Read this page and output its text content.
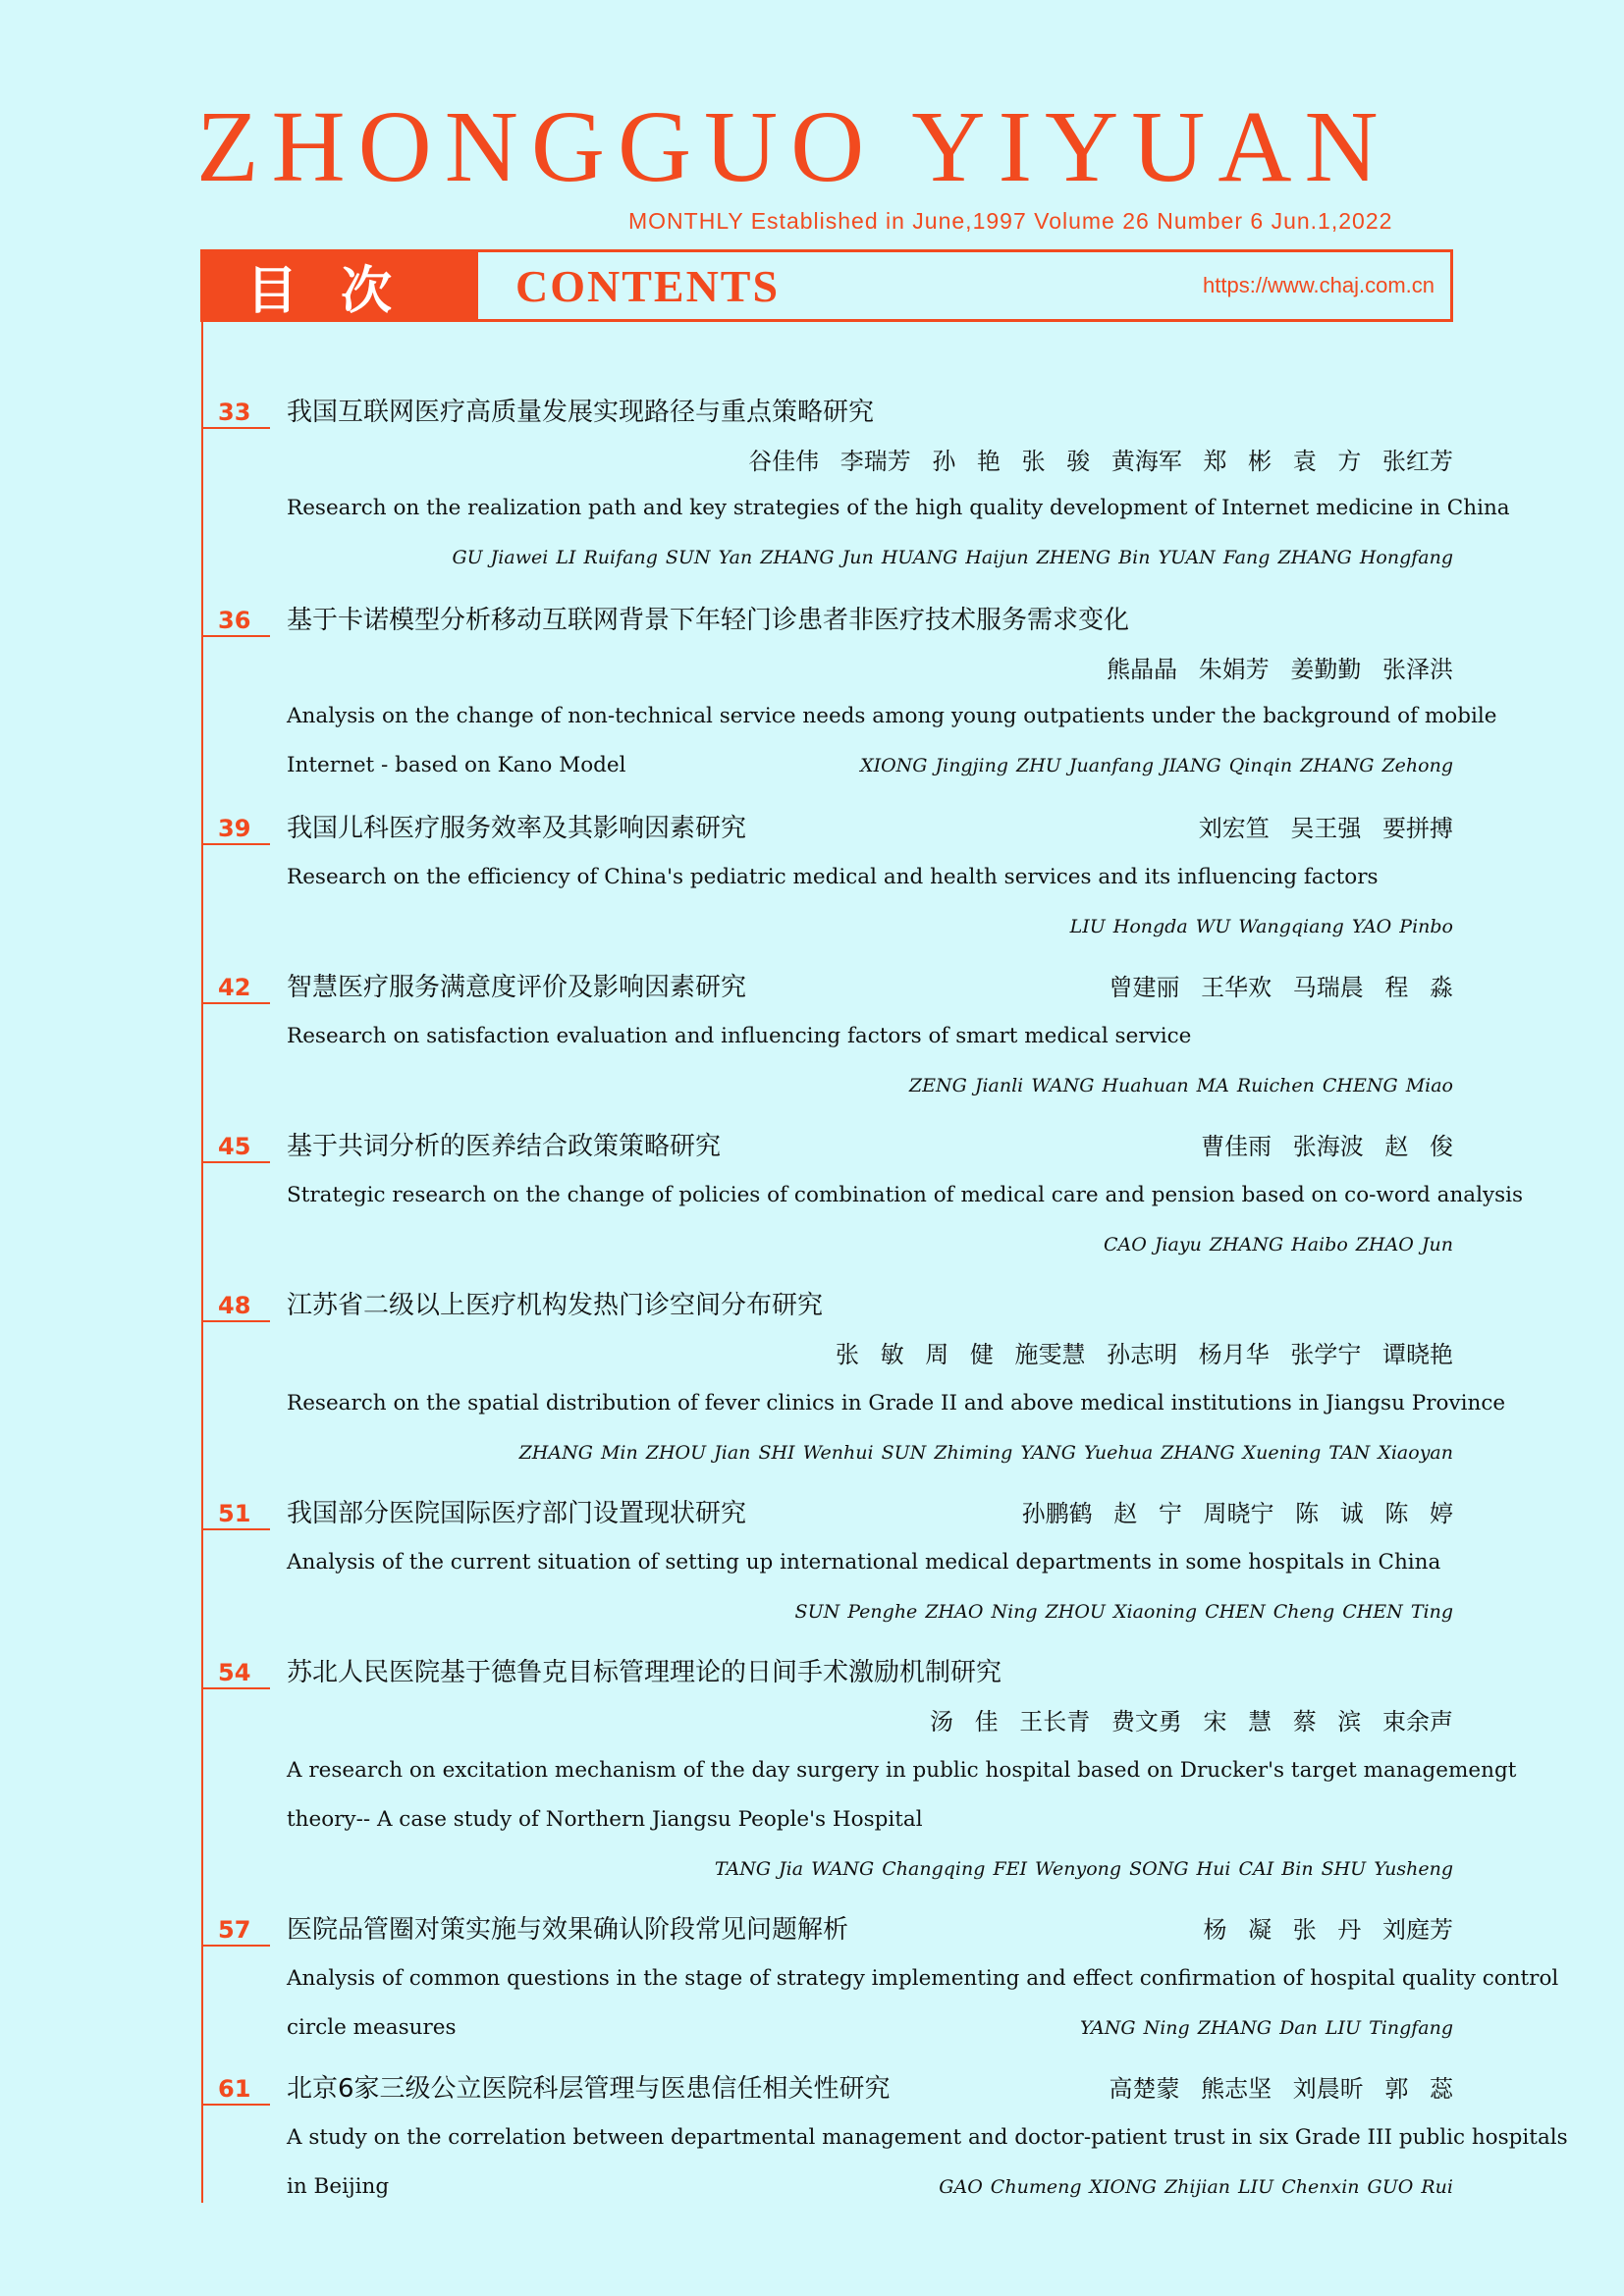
ZHONGGUO YIYUAN
MONTHLY Established in June,1997 Volume 26 Number 6 Jun.1,2022
目次	CONTENTS	https://www.chaj.com.cn
33 我国互联网医疗高质量发展实现路径与重点策略研究
谷佳伟 李瑞芳 孙 艳 张 骏 黄海军 郑 彬 袁 方 张红芳
Research on the realization path and key strategies of the high quality development of Internet medicine in China
GU Jiawei LI Ruifang SUN Yan ZHANG Jun HUANG Haijun ZHENG Bin YUAN Fang ZHANG Hongfang
36 基于卡诺模型分析移动互联网背景下年轻门诊患者非医疗技术服务需求变化
熊晶晶 朱娟芳 姜勤勤 张泽洪
Analysis on the change of non-technical service needs among young outpatients under the background of mobile
Internet - based on Kano Model	XIONG Jingjing ZHU Juanfang JIANG Qinqin ZHANG Zehong
39 我国儿科医疗服务效率及其影响因素研究	刘宏笪 吴王强 要拼搏
Research on the efficiency of China's pediatric medical and health services and its influencing factors
LIU Hongda WU Wangqiang YAO Pinbo
42 智慧医疗服务满意度评价及影响因素研究	曾建丽 王华欢 马瑞晨 程 淼
Research on satisfaction evaluation and influencing factors of smart medical service
ZENG Jianli WANG Huahuan MA Ruichen CHENG Miao
45 基于共词分析的医养结合政策策略研究	曹佳雨 张海波 赵 俊
Strategic research on the change of policies of combination of medical care and pension based on co-word analysis
CAO Jiayu ZHANG Haibo ZHAO Jun
48 江苏省二级以上医疗机构发热门诊空间分布研究
张 敏 周 健 施雯慧 孙志明 杨月华 张学宁 谭晓艳
Research on the spatial distribution of fever clinics in Grade II and above medical institutions in Jiangsu Province
ZHANG Min ZHOU Jian SHI Wenhui SUN Zhiming YANG Yuehua ZHANG Xuening TAN Xiaoyan
51 我国部分医院国际医疗部门设置现状研究	孙鹏鹤 赵 宁 周晓宁 陈 诚 陈 婷
Analysis of the current situation of setting up international medical departments in some hospitals in China
SUN Penghe ZHAO Ning ZHOU Xiaoning CHEN Cheng CHEN Ting
54 苏北人民医院基于德鲁克目标管理理论的日间手术激励机制研究
汤 佳 王长青 费文勇 宋 慧 蔡 滨 束余声
A research on excitation mechanism of the day surgery in public hospital based on Drucker's target managemengt
theory-- A case study of Northern Jiangsu People's Hospital
TANG Jia WANG Changqing FEI Wenyong SONG Hui CAI Bin SHU Yusheng
57 医院品管圈对策实施与效果确认阶段常见问题解析	杨 凝 张 丹 刘庭芳
Analysis of common questions in the stage of strategy implementing and effect confirmation of hospital quality control
circle measures	YANG Ning ZHANG Dan LIU Tingfang
61 北京6家三级公立医院科层管理与医患信任相关性研究	高楚蒙 熊志坚 刘晨昕 郭 蕊
A study on the correlation between departmental management and doctor-patient trust in six Grade III public hospitals
in Beijing	GAO Chumeng XIONG Zhijian LIU Chenxin GUO Rui
